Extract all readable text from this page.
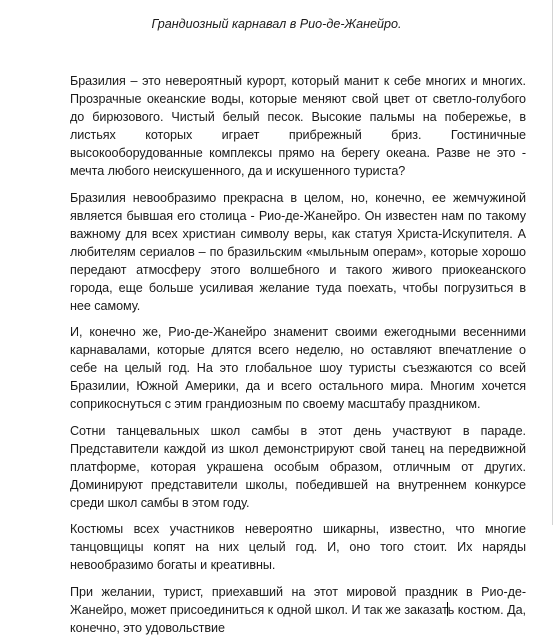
Грандиозный карнавал в Рио-де-Жанейро.

Бразилия – это невероятный курорт, который манит к себе многих и многих. Прозрачные океанские воды, которые меняют свой цвет от светло-голубого до бирюзового. Чистый белый песок. Высокие пальмы на побережье, в листьях которых играет прибрежный бриз. Гостиничные высокооборудованные комплексы прямо на берегу океана. Разве не это - мечта любого неискушенного, да и искушенного туриста?

Бразилия невообразимо прекрасна в целом, но, конечно, ее жемчужиной является бывшая его столица - Рио-де-Жанейро. Он известен нам по такому важному для всех христиан символу веры, как статуя Христа-Искупителя. А любителям сериалов – по бразильским «мыльным операм», которые хорошо передают атмосферу этого волшебного и такого живого приокеанского города, еще больше усиливая желание туда поехать, чтобы погрузиться в нее самому.

И, конечно же, Рио-де-Жанейро знаменит своими ежегодными весенними карнавалами, которые длятся всего неделю, но оставляют впечатление о себе на целый год. На это глобальное шоу туристы съезжаются со всей Бразилии, Южной Америки, да и всего остального мира. Многим хочется соприкоснуться с этим грандиозным по своему масштабу праздником.

Сотни танцевальных школ самбы в этот день участвуют в параде. Представители каждой из школ демонстрируют свой танец на передвижной платформе, которая украшена особым образом, отличным от других. Доминируют представители школы, победившей на внутреннем конкурсе среди школ самбы в этом году.

Костюмы всех участников невероятно шикарны, известно, что многие танцовщицы копят на них целый год. И, оно того стоит. Их наряды невообразимо богаты и креативны.

При желании, турист, приехавший на этот мировой праздник в Рио-де-Жанейро, может присоединиться к одной школ. И так же заказать костюм. Да, конечно, это удовольствие
